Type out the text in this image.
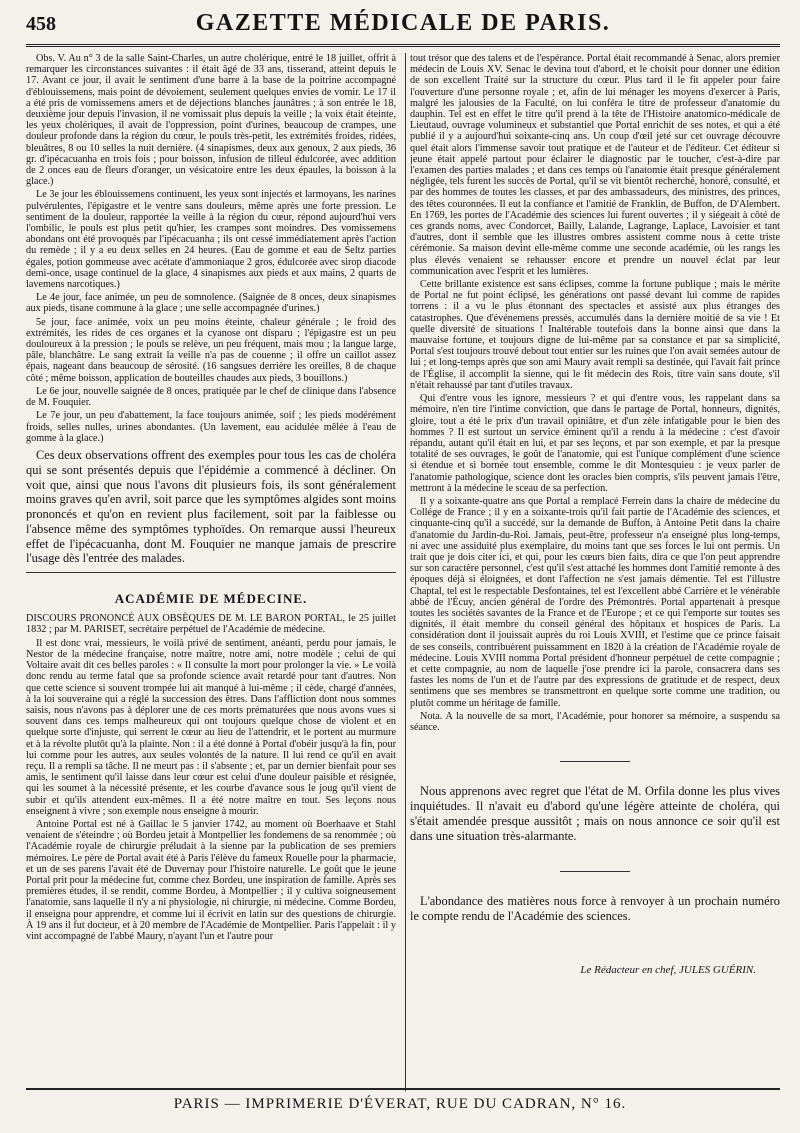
458	GAZETTE MÉDICALE DE PARIS.

Obs. V. Au n° 3 de la salle Saint-Charles, un autre cholérique, entré le 18 juillet, offrit à remarquer les circonstances suivantes : il était âgé de 33 ans, tisserand, atteint depuis le 17. Avant ce jour, il avait le sentiment d'une barre à la base de la poitrine accompagné d'éblouissemens, mais point de dévoiement, seulement quelques envies de vomir. Le 17 il a été pris de vomissemens amers et de déjections blanches jaunâtres ; à son entrée le 18, deuxième jour depuis l'invasion, il ne vomissait plus depuis la veille ; la voix était éteinte, les yeux cholériques, il avait de l'oppression, point d'urines, beaucoup de crampes, une douleur profonde dans la région du cœur, le pouls très-petit, les extrémités froides, ridées, bleuâtres, 8 ou 10 selles la nuit dernière. (4 sinapismes, deux aux genoux, 2 aux pieds, 36 gr. d'ipécacuanha en trois fois ; pour boisson, infusion de tilleul édulcorée, avec addition de 2 onces eau de fleurs d'oranger, un vésicatoire entre les deux épaules, la boisson à la glace.)

Le 3e jour les éblouissemens continuent, les yeux sont injectés et larmoyans, les narines pulvérulentes, l'épigastre et le ventre sans douleurs, même après une forte pression. Le sentiment de la douleur, rapportée la veille à la région du cœur, répond aujourd'hui vers l'ombilic, le pouls est plus petit qu'hier, les crampes sont moindres. Des vomissemens abondans ont été provoqués par l'ipécacuanha ; ils ont cessé immédiatement après l'action du remède ; il y a eu deux selles en 24 heures. (Eau de gomme et eau de Seltz parties égales, potion gommeuse avec acétate d'ammoniaque 2 gros, édulcorée avec sirop diacode demi-once, usage continuel de la glace, 4 sinapismes aux pieds et aux mains, 2 quarts de lavemens narcotiques.)

Le 4e jour, face animée, un peu de somnolence. (Saignée de 8 onces, deux sinapismes aux pieds, tisane commune à la glace ; une selle accompagnée d'urines.)

5e jour, face animée, voix un peu moins éteinte, chaleur générale ; le froid des extrémités, les rides de ces organes et la cyanose ont disparu ; l'épigastre est un peu douloureux à la pression ; le pouls se relève, un peu fréquent, mais mou ; la langue large, pâle, blanchâtre. Le sang extrait la veille n'a pas de couenne ; il offre un caillot assez épais, nageant dans beaucoup de sérosité. (16 sangsues derrière les oreilles, 8 de chaque côté ; même boisson, application de bouteilles chaudes aux pieds, 3 bouillons.)

Le 6e jour, nouvelle saignée de 8 onces, pratiquée par le chef de clinique dans l'absence de M. Fouquier.

Le 7e jour, un peu d'abattement, la face toujours animée, soif ; les pieds modérément froids, selles nulles, urines abondantes. (Un lavement, eau acidulée mêlée à l'eau de gomme à la glace.)

Ces deux observations offrent des exemples pour tous les cas de choléra qui se sont présentés depuis que l'épidémie a commencé à décliner. On voit que, ainsi que nous l'avons dit plusieurs fois, ils sont généralement moins graves qu'en avril, soit parce que les symptômes algides sont moins prononcés et qu'on en revient plus facilement, soit par la faiblesse ou l'absence même des symptômes typhoïdes. On remarque aussi l'heureux effet de l'ipécacuanha, dont M. Fouquier ne manque jamais de prescrire l'usage dès l'entrée des malades.

ACADÉMIE DE MÉDECINE.

DISCOURS PRONONCÉ AUX OBSÈQUES DE M. LE BARON PORTAL, le 25 juillet 1832 ; par M. PARISET, secrétaire perpétuel de l'Académie de médecine.

Il est donc vrai, messieurs, le voilà privé de sentiment, anéanti, perdu pour jamais, le Nestor de la médecine française, notre maître, notre ami, notre modèle ; celui de qui Voltaire avait dit ces belles paroles : « Il consulte la mort pour prolonger la vie. » Le voilà donc rendu au terme fatal que sa profonde science avait retardé pour tant d'autres. Non que cette science si souvent trompée lui ait manqué à lui-même ; il cède, chargé d'années, à la loi souveraine qui a réglé la succession des êtres. Dans l'affliction dont nous sommes saisis, nous n'avons pas à déplorer une de ces morts prématurées que nous avons vues si souvent dans ces temps malheureux qui ont toujours quelque chose de violent et en quelque sorte d'injuste, qui serrent le cœur au lieu de l'attendrir, et le portent au murmure et à la révolte plutôt qu'à la plainte. Non : il a été donné à Portal d'obéir jusqu'à la fin, pour lui comme pour les autres, aux seules volontés de la nature. Il lui rend ce qu'il en avait reçu. Il a rempli sa tâche. Il ne meurt pas : il s'absente ; et, par un dernier bienfait pour ses amis, le sentiment qu'il laisse dans leur cœur est celui d'une douleur paisible et résignée, qui les soumet à la nécessité présente, et les courbe d'avance sous le joug qu'il vient de subir et qu'ils attendent eux-mêmes. Il a été notre maître en tout. Ses leçons nous enseignent à vivre ; son exemple nous enseigne à mourir.

Antoine Portal est né à Gaillac le 5 janvier 1742, au moment où Boerhaave et Stahl venaient de s'éteindre ; où Bordeu jetait à Montpellier les fondemens de sa renommée ; où l'Académie royale de chirurgie préludait à la sienne par la publication de ses premiers mémoires. Le père de Portal avait été à Paris l'élève du fameux Rouelle pour la pharmacie, et un de ses parens l'avait été de Duvernay pour l'histoire naturelle. Le goût que le jeune Portal prit pour la médecine fut, comme chez Bordeu, une inspiration de famille. Après ses premières études, il se rendit, comme Bordeu, à Montpellier ; il y cultiva soigneusement l'anatomie, sans laquelle il n'y a ni physiologie, ni chirurgie, ni médecine. Comme Bordeu, il enseigna pour apprendre, et comme lui il écrivit en latin sur des questions de chirurgie. À 19 ans il fut docteur, et à 20 membre de l'Académie de Montpellier. Paris l'appelait : il y vint accompagné de l'abbé Maury, n'ayant l'un et l'autre pour

tout trésor que des talens et de l'espérance. Portal était recommandé à Senac, alors premier médecin de Louis XV. Senac le devina tout d'abord, et le choisit pour donner une édition de son excellent Traité sur la structure du cœur. Plus tard il le fit appeler pour faire l'ouverture d'une personne royale ; et, afin de lui ménager les moyens d'exercer à Paris, malgré les jalousies de la Faculté, on lui conféra le titre de professeur d'anatomie du dauphin. Tel est en effet le titre qu'il prend à la tête de l'Histoire anatomico-médicale de Lieutaud, ouvrage volumineux et substantiel que Portal enrichit de ses notes, et qui a été publié il y a aujourd'hui soixante-cinq ans. Un coup d'œil jeté sur cet ouvrage découvre quel était alors l'immense savoir tout pratique et de l'auteur et de l'éditeur. Cet éditeur si jeune était appelé partout pour éclairer le diagnostic par le toucher, c'est-à-dire par l'examen des parties malades ; et dans ces temps où l'anatomie était presque généralement négligée, tels furent les succès de Portal, qu'il se vit bientôt recherché, honoré, consulté, et par des hommes de toutes les classes, et par des ambassadeurs, des ministres, des princes, des têtes couronnées. Il eut la confiance et l'amitié de Franklin, de Buffon, de D'Alembert. En 1769, les portes de l'Académie des sciences lui furent ouvertes ; il y siégeait à côté de ces grands noms, avec Condorcet, Bailly, Lalande, Lagrange, Laplace, Lavoisier et tant d'autres, dont il semble que les illustres ombres assistent comme nous à cette triste cérémonie. Sa maison devint elle-même comme une seconde académie, où les rangs les plus élevés venaient se rehausser encore et prendre un nouvel éclat par leur communication avec l'esprit et les lumières.

Cette brillante existence est sans éclipses, comme la fortune publique ; mais le mérite de Portal ne fut point éclipsé, les générations ont passé devant lui comme de rapides torrens : il a vu le plus étonnant des spectacles et assisté aux plus étranges des catastrophes. Que d'événemens pressés, accumulés dans la dernière moitié de sa vie ! Et quelle diversité de situations ! Inaltérable toutefois dans la bonne ainsi que dans la mauvaise fortune, et toujours digne de lui-même par sa constance et par sa simplicité, Portal s'est toujours trouvé debout tout entier sur les ruines que l'on avait semées autour de lui ; et long-temps après que son ami Maury avait rempli sa destinée, qui l'avait fait prince de l'Église, il accomplit la sienne, qui le fit médecin des Rois, titre vain sans doute, s'il n'était rehaussé par tant d'utiles travaux.

Qui d'entre vous les ignore, messieurs ? et qui d'entre vous, les rappelant dans sa mémoire, n'en tire l'intime conviction, que dans le partage de Portal, honneurs, dignités, gloire, tout a été le prix d'un travail opiniâtre, et d'un zèle infatigable pour le bien des hommes ? Il est surtout un service éminent qu'il a rendu à la médecine : c'est d'avoir répandu, autant qu'il était en lui, et par ses leçons, et par son exemple, et par la presque totalité de ses ouvrages, le goût de l'anatomie, qui est l'unique complément d'une science si étendue et si bornée tout ensemble, comme le dit Montesquieu : je veux parler de l'anatomie pathologique, science dont les oracles bien compris, s'ils peuvent jamais l'être, mettront à la médecine le sceau de sa perfection.

Il y a soixante-quatre ans que Portal a remplacé Ferrein dans la chaire de médecine du Collége de France ; il y en a soixante-trois qu'il fait partie de l'Académie des sciences, et cinquante-cinq qu'il a succédé, sur la demande de Buffon, à Antoine Petit dans la chaire d'anatomie du Jardin-du-Roi. Jamais, peut-être, professeur n'a enseigné plus long-temps, ni avec une assiduité plus exemplaire, du moins tant que ses forces le lui ont permis. Un trait que je dois citer ici, et qui, pour les cœurs bien faits, dira ce que l'on peut apprendre sur son caractère personnel, c'est qu'il s'est attaché les hommes dont l'amitié remonte à des époques déjà si éloignées, et dont l'affection ne s'est jamais démentie. Tel est l'illustre Chaptal, tel est le respectable Desfontaines, tel est l'excellent abbé Carrière et le vénérable abbé de l'Écuy, ancien général de l'ordre des Prémontrés. Portal appartenait à presque toutes les sociétés savantes de la France et de l'Europe ; et ce qui l'emporte sur toutes ses dignités, il était membre du conseil général des hôpitaux et hospices de Paris. La considération dont il jouissait auprès du roi Louis XVIII, et l'estime que ce prince faisait de ses conseils, contribuèrent puissamment en 1820 à la création de l'Académie royale de médecine. Louis XVIII nomma Portal président d'honneur perpétuel de cette compagnie ; et cette compagnie, au nom de laquelle j'ose prendre ici la parole, consacrera dans ses fastes les noms de l'un et de l'autre par des expressions de gratitude et de respect, deux sentimens que ses membres se transmettront en quelque sorte comme une tradition, ou plutôt comme un héritage de famille.

Nota. A la nouvelle de sa mort, l'Académie, pour honorer sa mémoire, a suspendu sa séance.

Nous apprenons avec regret que l'état de M. Orfila donne les plus vives inquiétudes. Il n'avait eu d'abord qu'une légère atteinte de choléra, qui s'était amendée presque aussitôt ; mais on nous annonce ce soir qu'il est dans une situation très-alarmante.

L'abondance des matières nous force à renvoyer à un prochain numéro le compte rendu de l'Académie des sciences.

Le Rédacteur en chef, JULES GUÉRIN.
PARIS — IMPRIMERIE D'ÉVERAT, RUE DU CADRAN, N° 16.
